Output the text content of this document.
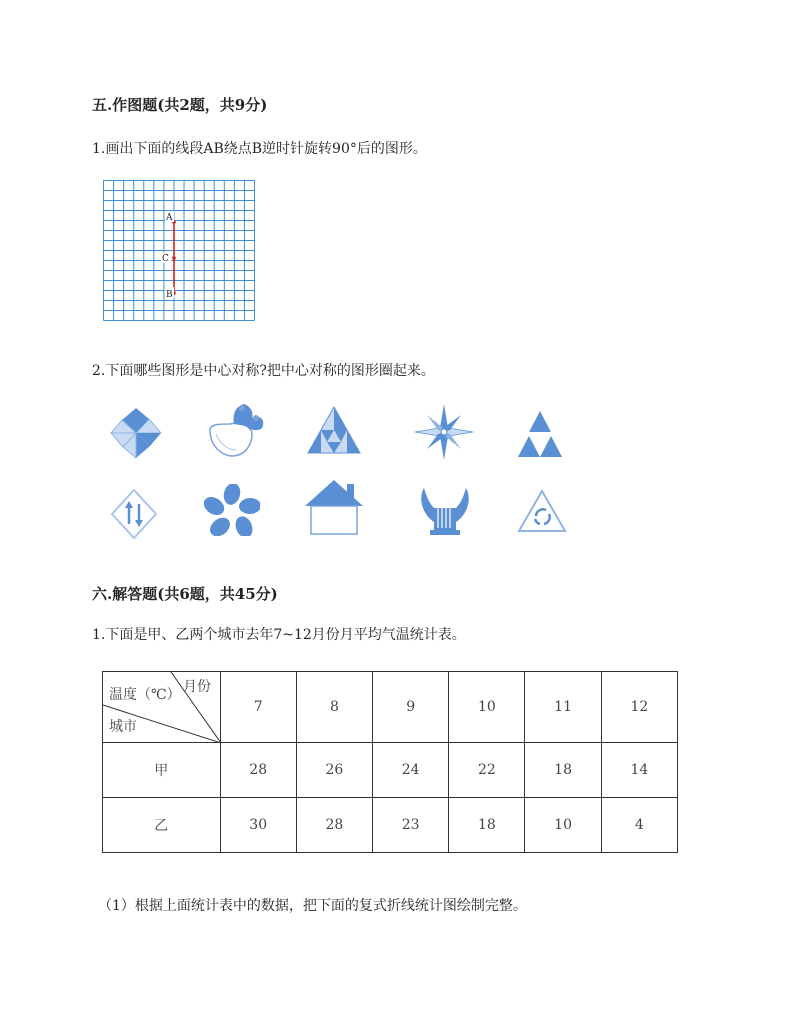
五.作图题(共2题，共9分)
1.画出下面的线段AB绕点B逆时针旋转90°后的图形。
A
C
B
2.下面哪些图形是中心对称?把中心对称的图形圈起来。
六.解答题(共6题，共45分)
1.下面是甲、乙两个城市去年7~12月份月平均气温统计表。
月份
温度（℃）
城市	7	8	9	10	11	12
甲	28	26	24	22	18	14
乙	30	28	23	18	10	4
（1）根据上面统计表中的数据，把下面的复式折线统计图绘制完整。
